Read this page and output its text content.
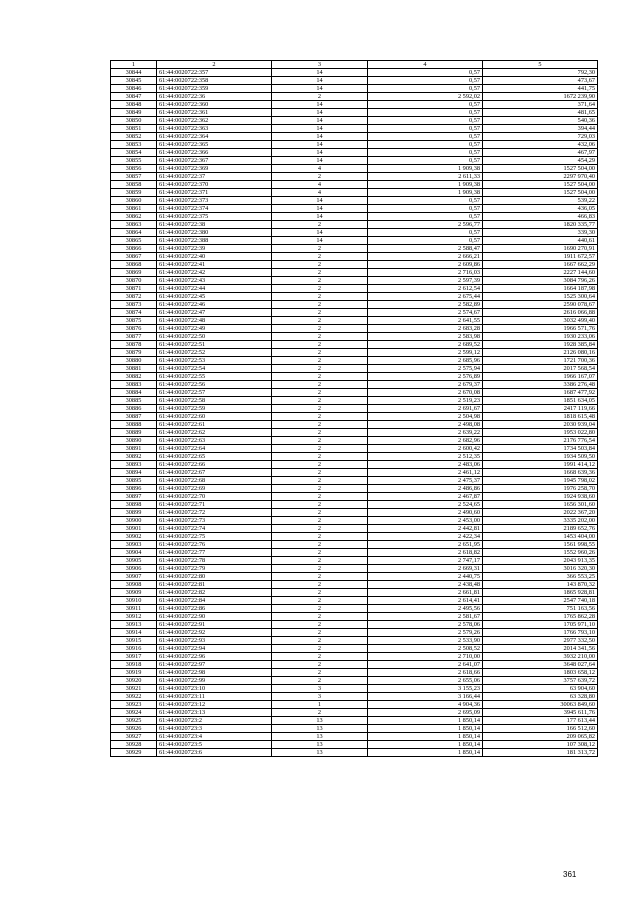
1	2	3	4	5
30844	61:44:0020722:357	14	0,57	792,30
30845	61:44:0020722:358	14	0,57	473,67
30846	61:44:0020722:359	14	0,57	441,75
30847	61:44:0020722:36	2	2 592,02	1672 239,90
30848	61:44:0020722:360	14	0,57	371,64
30849	61:44:0020722:361	14	0,57	481,65
30850	61:44:0020722:362	14	0,57	540,36
30851	61:44:0020722:363	14	0,57	394,44
30852	61:44:0020722:364	14	0,57	729,03
30853	61:44:0020722:365	14	0,57	432,06
30854	61:44:0020722:366	14	0,57	467,97
30855	61:44:0020722:367	14	0,57	454,29
30856	61:44:0020722:369	4	1 909,38	1527 504,00
30857	61:44:0020722:37	2	2 611,33	2297 970,40
30858	61:44:0020722:370	4	1 909,38	1527 504,00
30859	61:44:0020722:371	4	1 909,38	1527 504,00
30860	61:44:0020722:373	14	0,57	539,22
30861	61:44:0020722:374	14	0,57	436,05
30862	61:44:0020722:375	14	0,57	466,83
30863	61:44:0020722:38	2	2 596,77	1820 335,77
30864	61:44:0020722:380	14	0,57	339,30
30865	61:44:0020722:388	14	0,57	440,61
30866	61:44:0020722:39	2	2 588,47	1690 270,91
30867	61:44:0020722:40	2	2 666,21	1911 672,57
30868	61:44:0020722:41	2	2 609,86	1667 662,29
30869	61:44:0020722:42	2	2 716,03	2227 144,60
30870	61:44:0020722:43	2	2 597,39	3084 796,26
30871	61:44:0020722:44	2	2 612,54	1664 187,98
30872	61:44:0020722:45	2	2 675,44	1525 300,64
30873	61:44:0020722:46	2	2 582,89	2590 078,67
30874	61:44:0020722:47	2	2 574,67	2616 066,88
30875	61:44:0020722:48	2	2 641,55	3032 499,40
30876	61:44:0020722:49	2	2 683,28	1966 571,76
30877	61:44:0020722:50	2	2 583,98	1930 233,06
30878	61:44:0020722:51	2	2 689,52	1928 385,84
30879	61:44:0020722:52	2	2 599,12	2126 080,16
30880	61:44:0020722:53	2	2 685,96	1721 700,36
30881	61:44:0020722:54	2	2 575,94	2017 568,54
30882	61:44:0020722:55	2	2 576,89	1966 167,07
30883	61:44:0020722:56	2	2 679,37	3386 276,48
30884	61:44:0020722:57	2	2 670,08	1687 477,92
30885	61:44:0020722:58	2	2 519,23	1851 634,05
30886	61:44:0020722:59	2	2 691,67	2417 119,66
30887	61:44:0020722:60	2	2 504,98	1818 615,48
30888	61:44:0020722:61	2	2 498,08	2030 939,04
30889	61:44:0020722:62	2	2 639,22	1953 022,80
30890	61:44:0020722:63	2	2 682,96	2176 776,54
30891	61:44:0020722:64	2	2 600,42	1734 503,84
30892	61:44:0020722:65	2	2 512,35	1934 509,50
30893	61:44:0020722:66	2	2 483,06	1991 414,12
30894	61:44:0020722:67	2	2 461,12	1668 639,36
30895	61:44:0020722:68	2	2 475,37	1945 798,02
30896	61:44:0020722:69	2	2 486,86	1976 258,70
30897	61:44:0020722:70	2	2 467,87	1924 938,60
30898	61:44:0020722:71	2	2 524,65	1656 301,60
30899	61:44:0020722:72	2	2 490,60	2022 367,20
30900	61:44:0020722:73	2	2 453,00	3335 202,00
30901	61:44:0020722:74	2	2 442,81	2189 652,76
30902	61:44:0020722:75	2	2 422,34	1453 404,00
30903	61:44:0020722:76	2	2 651,95	1561 998,55
30904	61:44:0020722:77	2	2 618,82	1552 960,26
30905	61:44:0020722:78	2	2 747,17	2043 913,35
30906	61:44:0020722:79	2	2 669,31	3016 320,30
30907	61:44:0020722:80	2	2 440,75	366 553,25
30908	61:44:0020722:81	2	2 438,48	143 870,32
30909	61:44:0020722:82	2	2 661,81	1865 928,81
30910	61:44:0020722:84	2	2 614,41	2547 740,18
30911	61:44:0020722:86	2	2 495,56	751 163,56
30912	61:44:0020722:90	2	2 581,67	1765 862,28
30913	61:44:0020722:91	2	2 578,06	1705 971,10
30914	61:44:0020722:92	2	2 579,26	1766 793,10
30915	61:44:0020722:93	2	2 533,90	2977 332,50
30916	61:44:0020722:94	2	2 508,52	2014 341,56
30917	61:44:0020722:96	2	2 710,00	3932 210,00
30918	61:44:0020722:97	2	2 641,07	3648 027,64
30919	61:44:0020722:98	2	2 618,66	1803 658,12
30920	61:44:0020722:99	2	2 655,06	3757 639,72
30921	61:44:0020723:10	3	3 155,23	63 904,60
30922	61:44:0020723:11	3	3 166,44	63 328,80
30923	61:44:0020723:12	1	4 904,36	30063 849,60
30924	61:44:0020723:13	2	2 695,09	3945 611,76
30925	61:44:0020723:2	13	1 850,14	177 613,44
30926	61:44:0020723:3	13	1 850,14	166 512,60
30927	61:44:0020723:4	13	1 850,14	209 065,82
30928	61:44:0020723:5	13	1 850,14	107 308,12
30929	61:44:0020723:6	13	1 850,14	181 313,72
361
